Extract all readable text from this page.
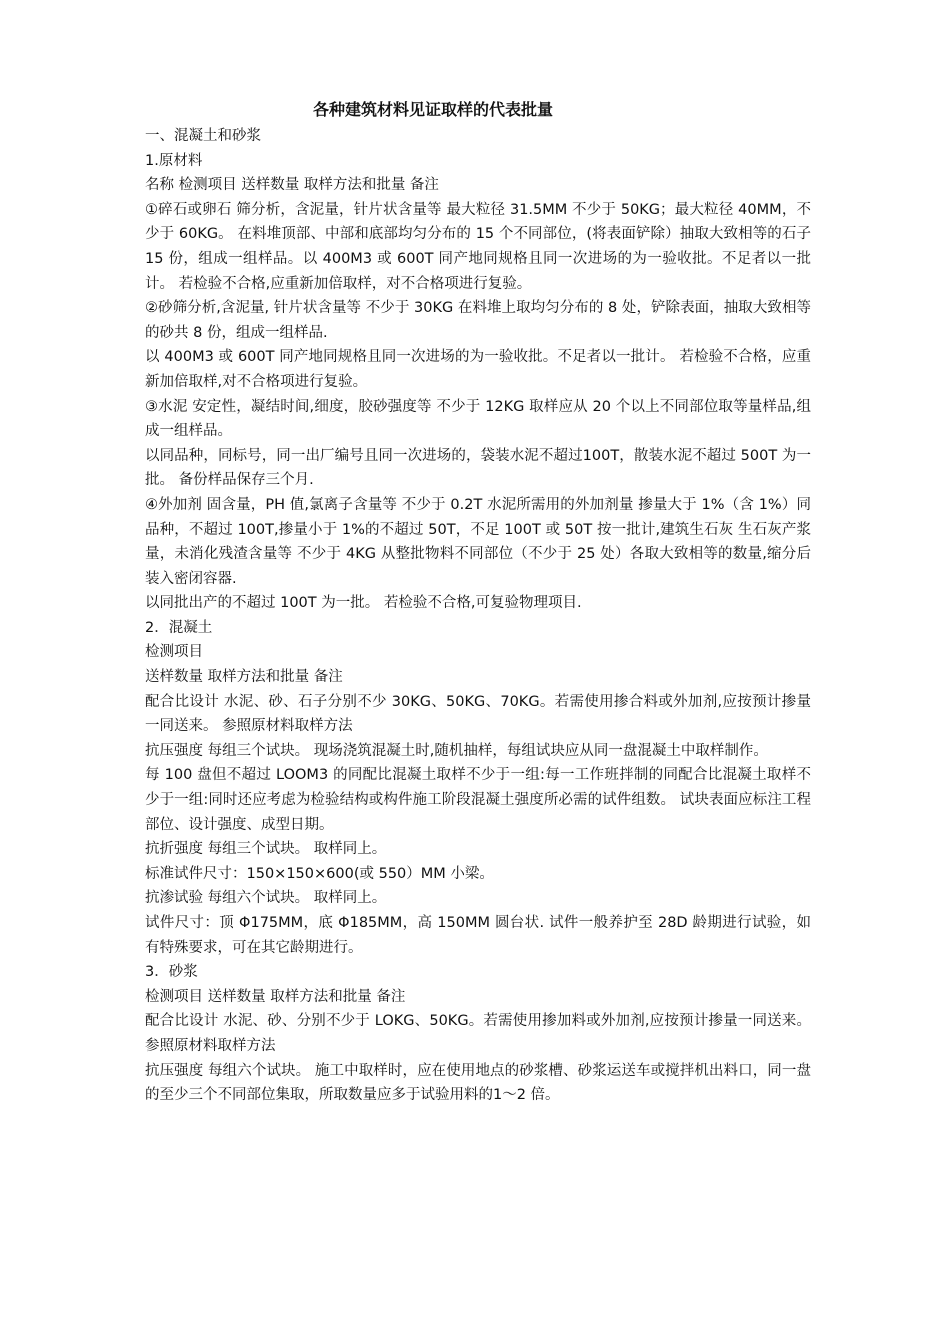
各种建筑材料见证取样的代表批量

一、混凝土和砂浆

1.原材料

名称 检测项目 送样数量 取样方法和批量 备注

①碎石或卵石 筛分析，含泥量，针片状含量等 最大粒径 31.5MM 不少于 50KG；最大粒径 40MM，不少于 60KG。 在料堆顶部、中部和底部均匀分布的 15 个不同部位，(将表面铲除）抽取大致相等的石子 15 份，组成一组样品。以 400M3 或 600T 同产地同规格且同一次进场的为一验收批。不足者以一批计。 若检验不合格,应重新加倍取样，对不合格项进行复验。

②砂筛分析,含泥量, 针片状含量等 不少于 30KG 在料堆上取均匀分布的 8 处，铲除表面，抽取大致相等的砂共 8 份，组成一组样品.

以 400M3 或 600T 同产地同规格且同一次进场的为一验收批。不足者以一批计。 若检验不合格，应重新加倍取样,对不合格项进行复验。

③水泥 安定性，凝结时间,细度，胶砂强度等 不少于 12KG 取样应从 20 个以上不同部位取等量样品,组成一组样品。

以同品种，同标号，同一出厂编号且同一次进场的，袋装水泥不超过100T，散装水泥不超过 500T 为一批。 备份样品保存三个月.

④外加剂 固含量，PH 值,氯离子含量等 不少于 0.2T 水泥所需用的外加剂量 掺量大于 1%（含 1%）同品种，不超过 100T,掺量小于 1%的不超过 50T，不足 100T 或 50T 按一批计,建筑生石灰 生石灰产浆量，未消化残渣含量等 不少于 4KG 从整批物料不同部位（不少于 25 处）各取大致相等的数量,缩分后装入密闭容器.

以同批出产的不超过 100T 为一批。 若检验不合格,可复验物理项目.

2．混凝土

检测项目

送样数量 取样方法和批量 备注

配合比设计 水泥、砂、石子分别不少 30KG、50KG、70KG。若需使用掺合料或外加剂,应按预计掺量一同送来。 参照原材料取样方法

抗压强度 每组三个试块。 现场浇筑混凝土时,随机抽样，每组试块应从同一盘混凝土中取样制作。

每 100 盘但不超过 LOOM3 的同配比混凝土取样不少于一组:每一工作班拌制的同配合比混凝土取样不少于一组:同时还应考虑为检验结构或构件施工阶段混凝土强度所必需的试件组数。 试块表面应标注工程部位、设计强度、成型日期。

抗折强度 每组三个试块。 取样同上。

标准试件尺寸：150×150×600(或 550）MM 小梁。

抗渗试验 每组六个试块。 取样同上。

试件尺寸：顶 Φ175MM，底 Φ185MM，高 150MM 圆台状. 试件一般养护至 28D 龄期进行试验，如有特殊要求，可在其它龄期进行。

3．砂浆

检测项目 送样数量 取样方法和批量 备注

配合比设计 水泥、砂、分别不少于 LOKG、50KG。若需使用掺加料或外加剂,应按预计掺量一同送来。 参照原材料取样方法

抗压强度 每组六个试块。 施工中取样时，应在使用地点的砂浆槽、砂浆运送车或搅拌机出料口，同一盘的至少三个不同部位集取，所取数量应多于试验用料的1～2 倍。
